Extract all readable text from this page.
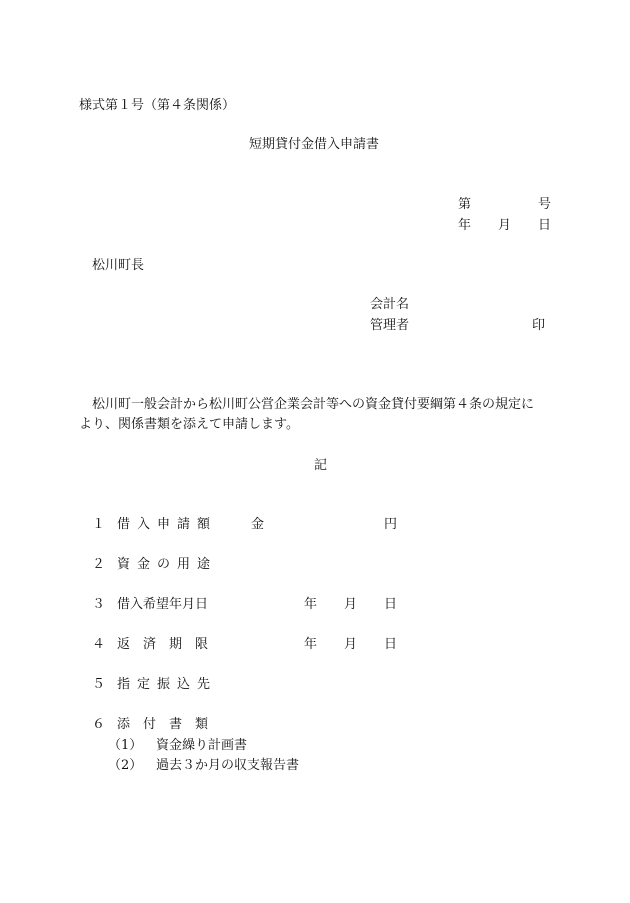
様式第１号（第４条関係）
短期貸付金借入申請書
第	号
年 月 日
松川町長
会計名
管理者	印
松川町一般会計から松川町公営企業会計等への資金貸付要綱第４条の規定に
より、関係書類を添えて申請します。
記
１ 借入申請額	金	円
２ 資金の用途
３ 借入希望年月日	年 月 日
４ 返済期限	年 月 日
５ 指定振込先
６ 添付書類
（1） 資金繰り計画書
（2） 過去３か月の収支報告書
